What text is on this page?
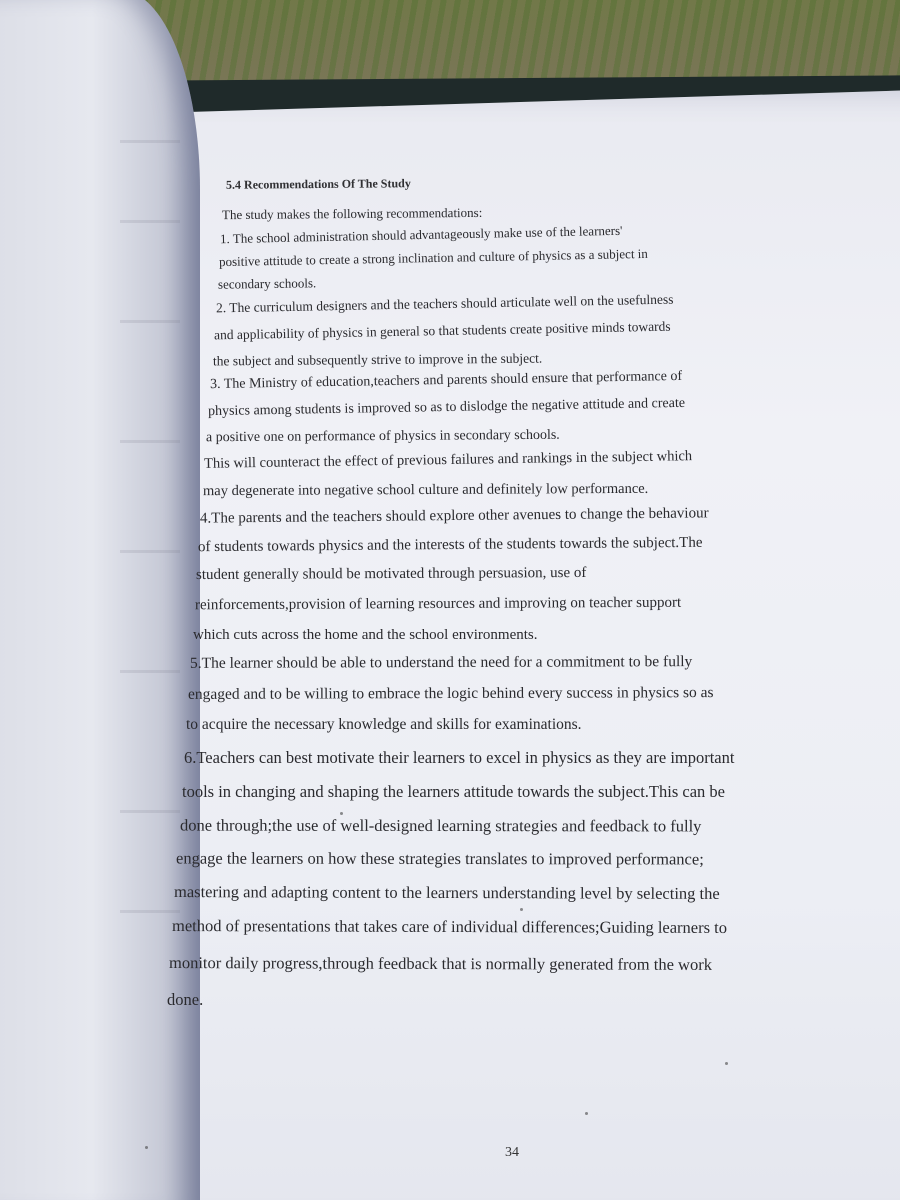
5.4 Recommendations Of The Study
The study makes the following recommendations:
1. The school administration should advantageously make use of the learners'
positive attitude to create a strong inclination and culture of physics as a subject in
secondary schools.
2. The curriculum designers and the teachers should articulate well on the usefulness
and applicability of physics in general so that students create positive minds towards
the subject and subsequently strive to improve in the subject.
3. The Ministry of education,teachers and parents should ensure that performance of
physics among students is improved so as to dislodge the negative attitude and create
a positive one on performance of physics in secondary schools.
This will counteract the effect of previous failures and rankings in the subject which
may degenerate into negative school culture and definitely low performance.
4.The parents and the teachers should explore other avenues to change the behaviour
of students towards physics and the interests of the students towards the subject.The
student generally should be motivated through persuasion, use of
reinforcements,provision of learning resources and improving on teacher support
which cuts across the home and the school environments.
5.The learner should be able to understand the need for a commitment to be fully
engaged and to be willing to embrace the logic behind every success in physics so as
to acquire the necessary knowledge and skills for examinations.
6.Teachers can best motivate their learners to excel in physics as they are important
tools in changing and shaping the learners attitude towards the subject.This can be
done through;the use of well-designed learning strategies and feedback to fully
engage the learners on how these strategies translates to improved performance;
mastering and adapting content to the learners understanding level by selecting the
method of presentations that takes care of individual differences;Guiding learners to
monitor daily progress,through feedback that is normally generated from the work
done.
34
